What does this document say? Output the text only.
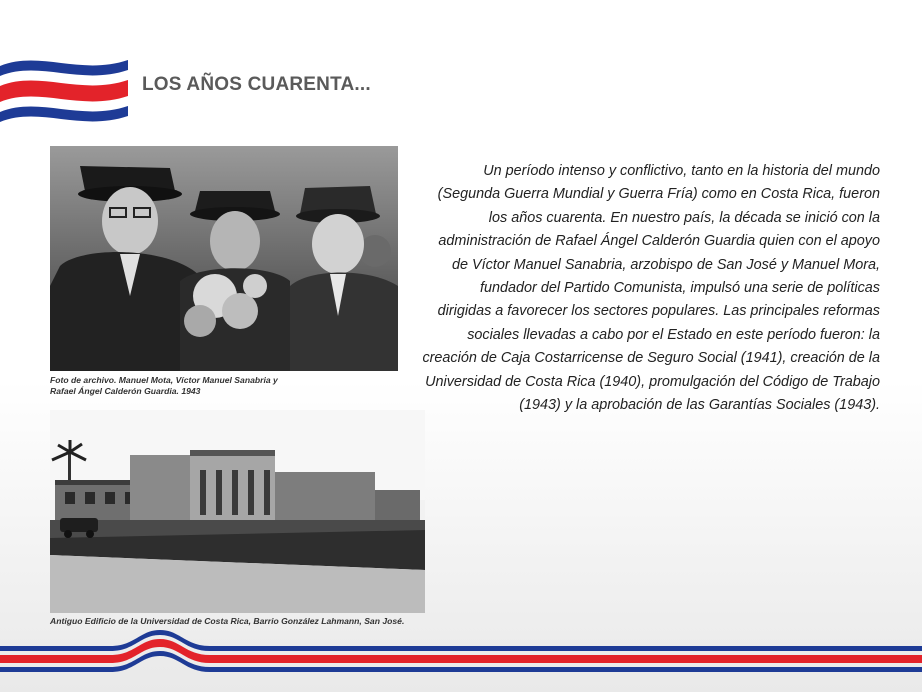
LOS AÑOS CUARENTA...
Foto de archivo. Manuel Mota, Víctor Manuel Sanabria y
Rafael Ángel Calderón Guardia. 1943
Antiguo Edificio de la Universidad de Costa Rica, Barrio González Lahmann, San José.
Un período intenso y conflictivo, tanto en la historia del mundo
(Segunda Guerra Mundial y Guerra Fría) como en Costa Rica, fueron
los años cuarenta. En nuestro país, la década se inició con la
administración de Rafael Ángel Calderón Guardia quien con el apoyo
de Víctor Manuel Sanabria, arzobispo de San José y Manuel Mora,
fundador del Partido Comunista, impulsó una serie de políticas
dirigidas a favorecer los sectores populares. Las principales reformas
sociales llevadas a cabo por el Estado en este período fueron: la
creación de Caja Costarricense de Seguro Social (1941), creación de la
Universidad de Costa Rica (1940), promulgación del Código de Trabajo
(1943) y la aprobación de las Garantías Sociales (1943).
